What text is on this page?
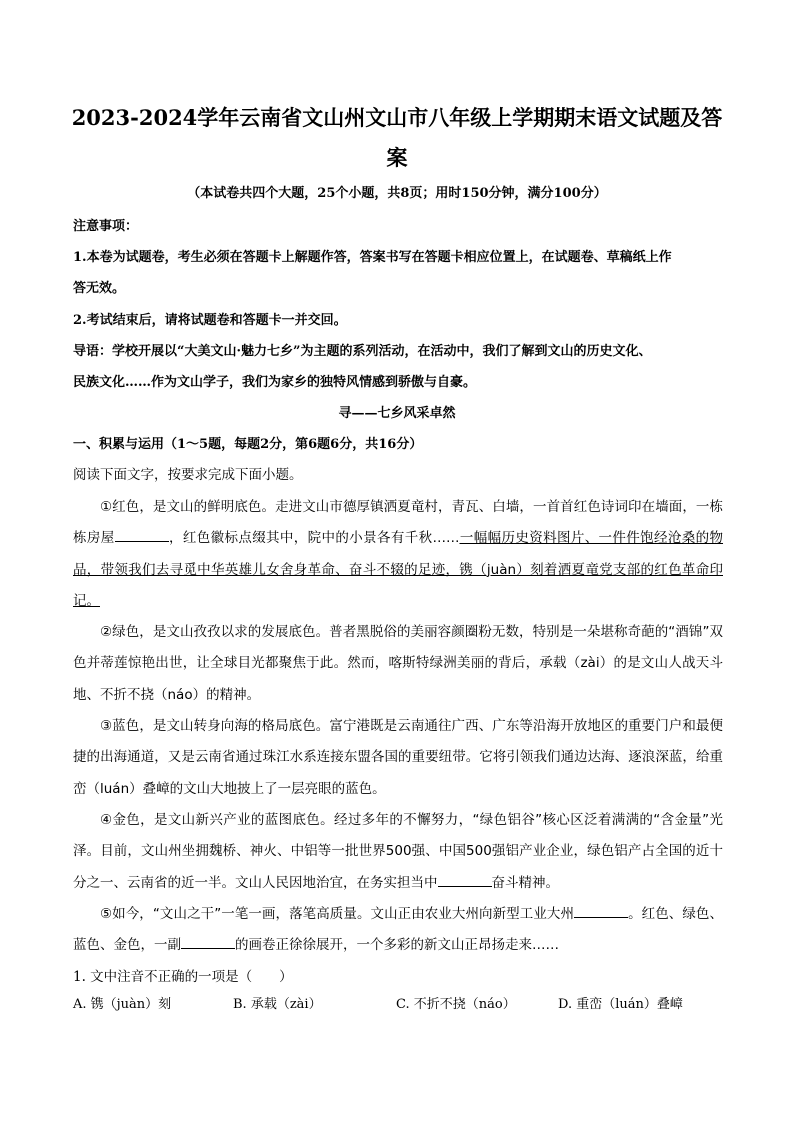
2023-2024学年云南省文山州文山市八年级上学期期末语文试题及答案
（本试卷共四个大题，25个小题，共8页；用时150分钟，满分100分）
注意事项：
1.本卷为试题卷，考生必须在答题卡上解题作答，答案书写在答题卡相应位置上，在试题卷、草稿纸上作
答无效。
2.考试结束后，请将试题卷和答题卡一并交回。
导语：学校开展以“大美文山·魅力七乡”为主题的系列活动，在活动中，我们了解到文山的历史文化、
民族文化……作为文山学子，我们为家乡的独特风情感到骄傲与自豪。
寻——七乡风采卓然
一、积累与运用（1～5题，每题2分，第6题6分，共16分）
阅读下面文字，按要求完成下面小题。
①红色，是文山的鲜明底色。走进文山市德厚镇洒夏竜村，青瓦、白墙，一首首红色诗词印在墙面，一栋栋房屋	，红色徽标点缀其中，院中的小景各有千秋……一幅幅历史资料图片、一件件饱经沧桑的物品，带领我们去寻觅中华英雄儿女舍身革命、奋斗不辍的足迹，镌（juàn）刻着洒夏竜党支部的红色革命印记。
②绿色，是文山孜孜以求的发展底色。普者黑脱俗的美丽容颜圈粉无数，特别是一朵堪称奇葩的“酒锦”双色并蒂莲惊艳出世，让全球目光都聚焦于此。然而，喀斯特绿洲美丽的背后，承载（zài）的是文山人战天斗地、不折不挠（náo）的精神。
③蓝色，是文山转身向海的格局底色。富宁港既是云南通往广西、广东等沿海开放地区的重要门户和最便捷的出海通道，又是云南省通过珠江水系连接东盟各国的重要纽带。它将引领我们通边达海、逐浪深蓝，给重峦（luán）叠嶂的文山大地披上了一层亮眼的蓝色。
④金色，是文山新兴产业的蓝图底色。经过多年的不懈努力，“绿色铝谷”核心区泛着满满的“含金量”光泽。目前，文山州坐拥魏桥、神火、中铝等一批世界500强、中国500强铝产业企业，绿色铝产占全国的近十分之一、云南省的近一半。文山人民因地治宜，在务实担当中	奋斗精神。
⑤如今，“文山之干”一笔一画，落笔高质量。文山正由农业大州向新型工业大州	。红色、绿色、蓝色、金色，一副	的画卷正徐徐展开，一个多彩的新文山正昂扬走来……
1. 文中注音不正确的一项是（　　）
A. 镌（juàn）刻	B. 承载（zài）	C. 不折不挠（náo）	D. 重峦（luán）叠嶂
